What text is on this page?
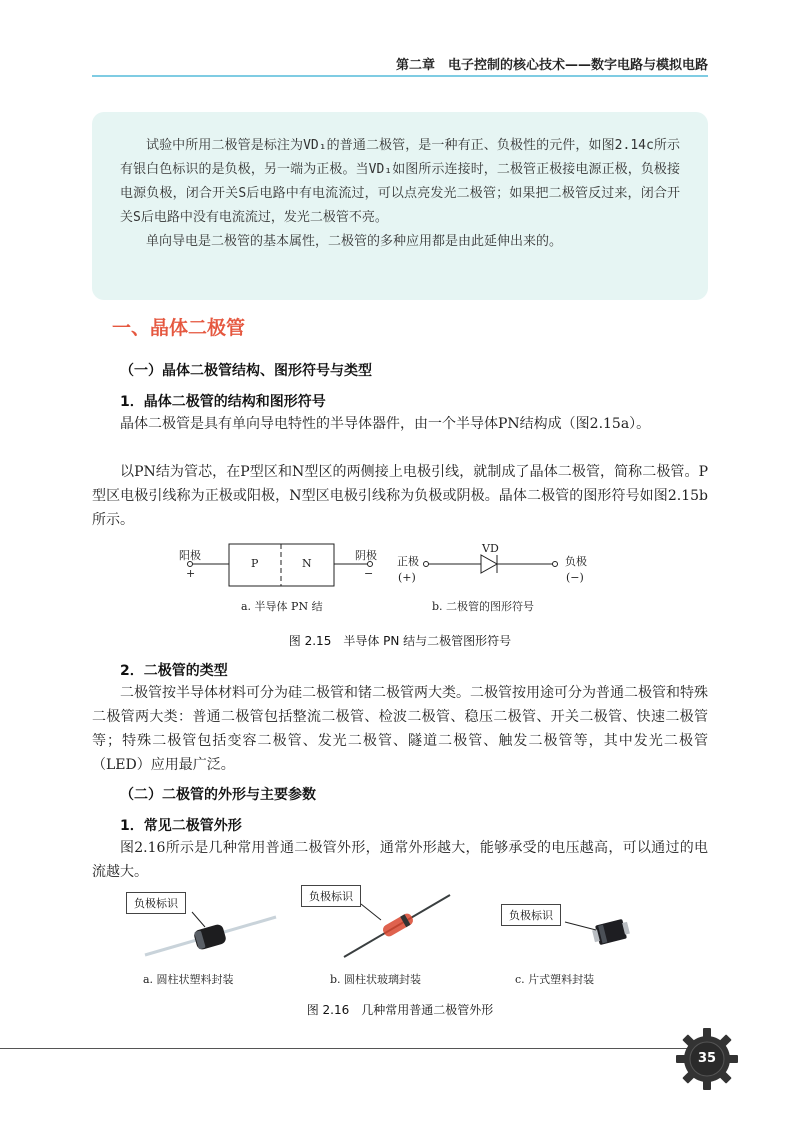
第二章　电子控制的核心技术——数字电路与模拟电路

试验中所用二极管是标注为VD₁的普通二极管，是一种有正、负极性的元件，如图2.14c所示有银白色标识的是负极，另一端为正极。当VD₁如图所示连接时，二极管正极接电源正极，负极接电源负极，闭合开关S后电路中有电流流过，可以点亮发光二极管；如果把二极管反过来，闭合开关S后电路中没有电流流过，发光二极管不亮。

单向导电是二极管的基本属性，二极管的多种应用都是由此延伸出来的。

一、晶体二极管
（一）晶体二极管结构、图形符号与类型
1．晶体二极管的结构和图形符号
晶体二极管是具有单向导电特性的半导体器件，由一个半导体PN结构成（图2.15a）。
以PN结为管芯，在P型区和N型区的两侧接上电极引线，就制成了晶体二极管，简称二极管。P型区电极引线称为正极或阳极，N型区电极引线称为负极或阴极。晶体二极管的图形符号如图2.15b所示。
阳极
+
P	N
阴极
−
正极
(+)
VD
负极
(−)
a. 半导体 PN 结	b. 二极管的图形符号
图 2.15　半导体 PN 结与二极管图形符号
2．二极管的类型
二极管按半导体材料可分为硅二极管和锗二极管两大类。二极管按用途可分为普通二极管和特殊二极管两大类：普通二极管包括整流二极管、检波二极管、稳压二极管、开关二极管、快速二极管等；特殊二极管包括变容二极管、发光二极管、隧道二极管、触发二极管等，其中发光二极管（LED）应用最广泛。
（二）二极管的外形与主要参数
1．常见二极管外形
图2.16所示是几种常用普通二极管外形，通常外形越大，能够承受的电压越高，可以通过的电流越大。
负极标识
负极标识
负极标识
a. 圆柱状塑料封装	b. 圆柱状玻璃封装	c. 片式塑料封装
图 2.16　几种常用普通二极管外形
35
